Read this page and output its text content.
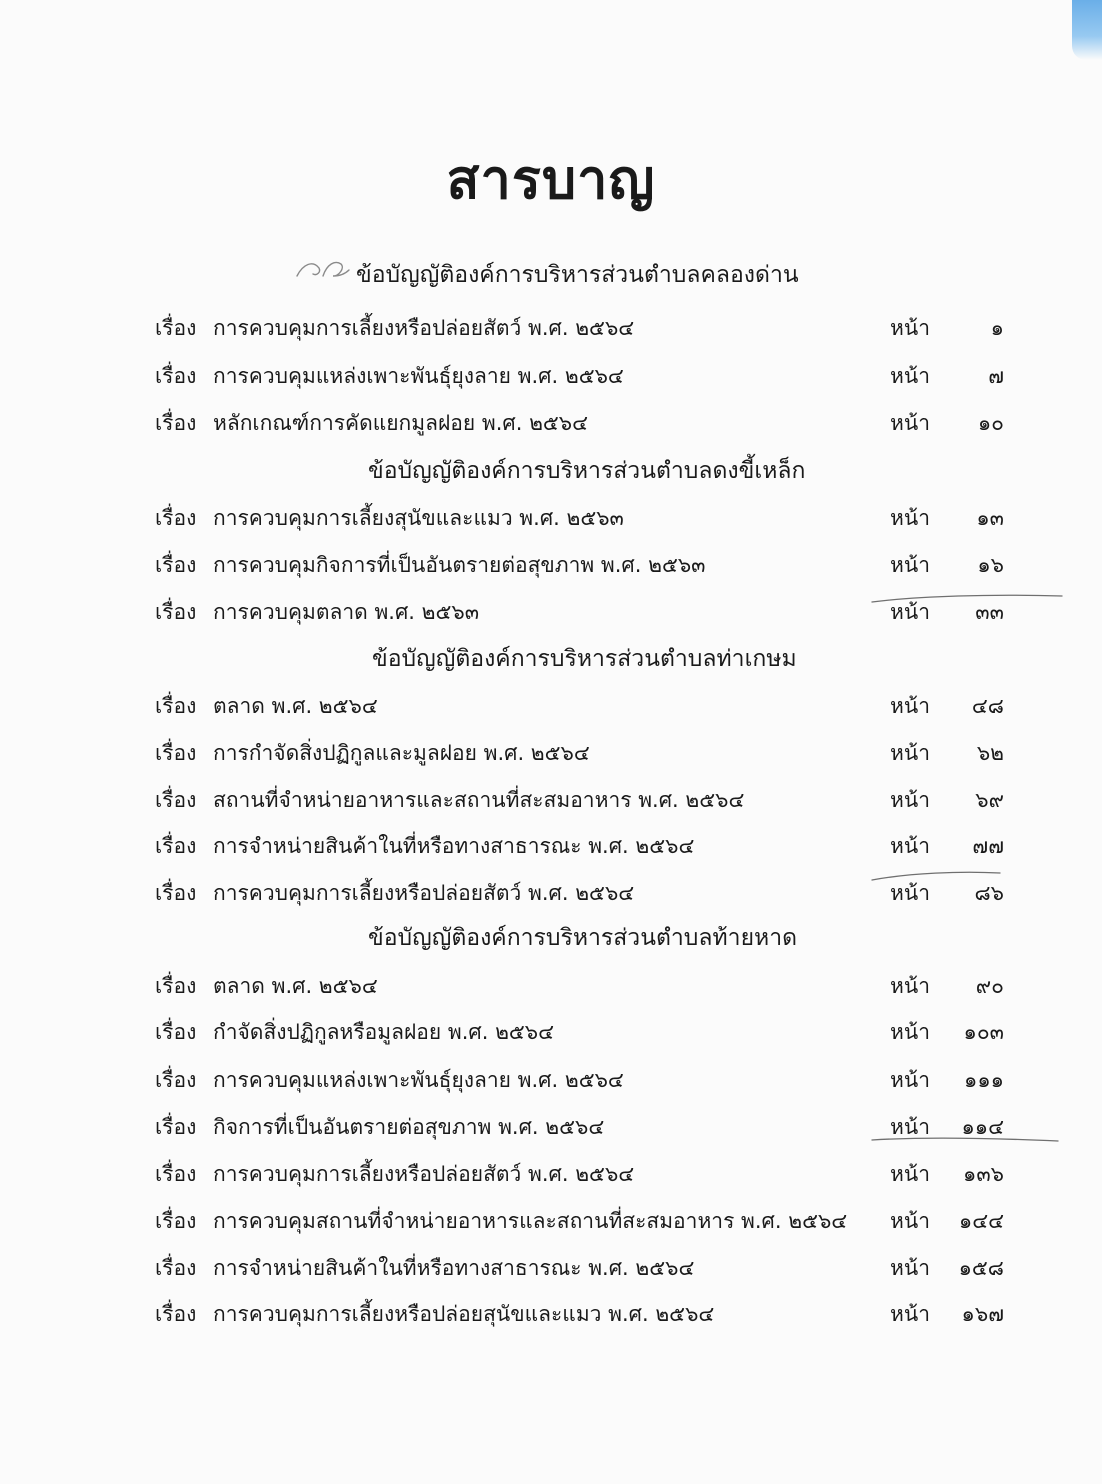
สารบาญ
ข้อบัญญัติองค์การบริหารส่วนตำบลคลองด่าน
เรื่อง การควบคุมการเลี้ยงหรือปล่อยสัตว์ พ.ศ. ๒๕๖๔	หน้า	๑
เรื่อง การควบคุมแหล่งเพาะพันธุ์ยุงลาย พ.ศ. ๒๕๖๔	หน้า	๗
เรื่อง หลักเกณฑ์การคัดแยกมูลฝอย พ.ศ. ๒๕๖๔	หน้า ๑๐
ข้อบัญญัติองค์การบริหารส่วนตำบลดงขี้เหล็ก
เรื่อง การควบคุมการเลี้ยงสุนัขและแมว พ.ศ. ๒๕๖๓	หน้า ๑๓
เรื่อง การควบคุมกิจการที่เป็นอันตรายต่อสุขภาพ พ.ศ. ๒๕๖๓	หน้า ๑๖
เรื่อง การควบคุมตลาด พ.ศ. ๒๕๖๓	หน้า ๓๓
ข้อบัญญัติองค์การบริหารส่วนตำบลท่าเกษม
เรื่อง ตลาด พ.ศ. ๒๕๖๔	หน้า ๔๘
เรื่อง การกำจัดสิ่งปฏิกูลและมูลฝอย พ.ศ. ๒๕๖๔	หน้า ๖๒
เรื่อง สถานที่จำหน่ายอาหารและสถานที่สะสมอาหาร พ.ศ. ๒๕๖๔	หน้า ๖๙
เรื่อง การจำหน่ายสินค้าในที่หรือทางสาธารณะ พ.ศ. ๒๕๖๔	หน้า ๗๗
เรื่อง การควบคุมการเลี้ยงหรือปล่อยสัตว์ พ.ศ. ๒๕๖๔	หน้า ๘๖
ข้อบัญญัติองค์การบริหารส่วนตำบลท้ายหาด
เรื่อง ตลาด พ.ศ. ๒๕๖๔	หน้า ๙๐
เรื่อง กำจัดสิ่งปฏิกูลหรือมูลฝอย พ.ศ. ๒๕๖๔	หน้า ๑๐๓
เรื่อง การควบคุมแหล่งเพาะพันธุ์ยุงลาย พ.ศ. ๒๕๖๔	หน้า ๑๑๑
เรื่อง กิจการที่เป็นอันตรายต่อสุขภาพ พ.ศ. ๒๕๖๔	หน้า ๑๑๔
เรื่อง การควบคุมการเลี้ยงหรือปล่อยสัตว์ พ.ศ. ๒๕๖๔	หน้า ๑๓๖
เรื่อง การควบคุมสถานที่จำหน่ายอาหารและสถานที่สะสมอาหาร พ.ศ. ๒๕๖๔ หน้า ๑๔๔
เรื่อง การจำหน่ายสินค้าในที่หรือทางสาธารณะ พ.ศ. ๒๕๖๔	หน้า ๑๕๘
เรื่อง การควบคุมการเลี้ยงหรือปล่อยสุนัขและแมว พ.ศ. ๒๕๖๔	หน้า ๑๖๗
